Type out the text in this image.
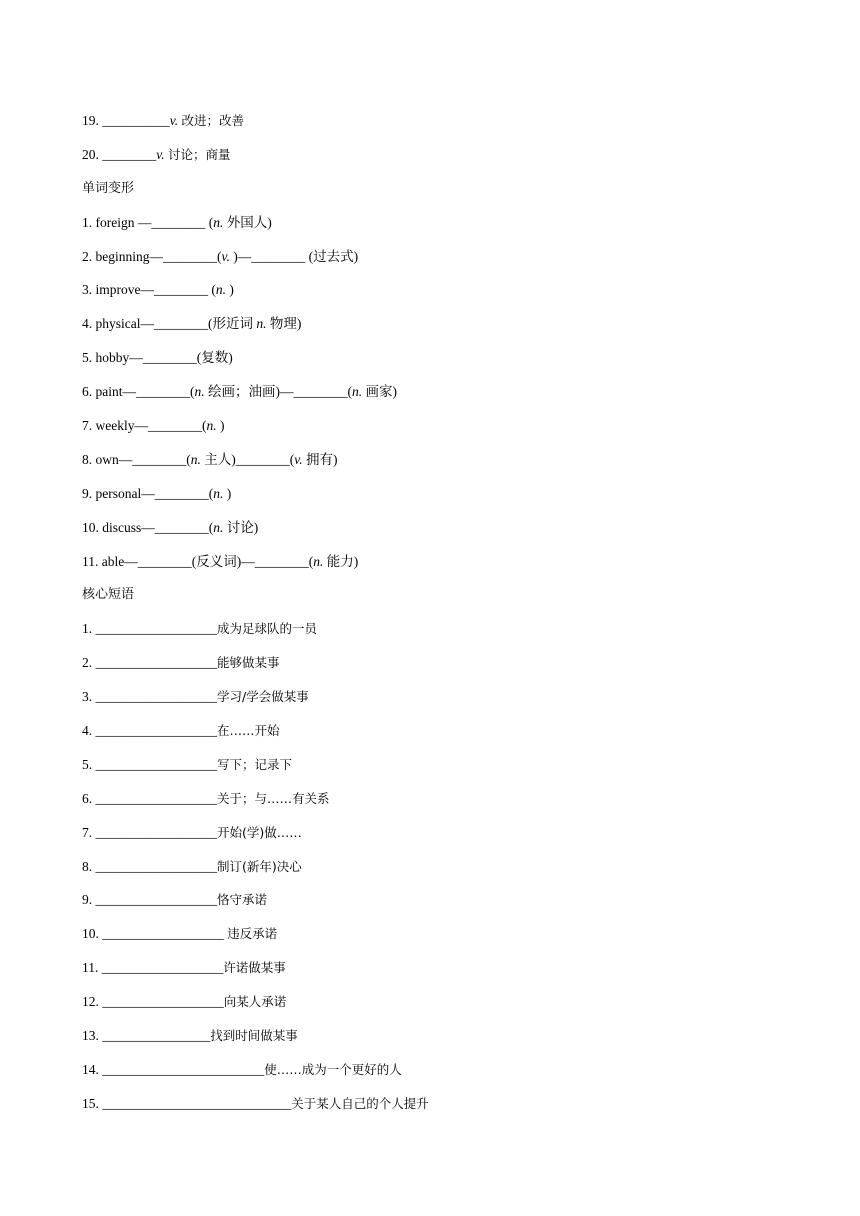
19. __________v. 改进；改善
20. ________v. 讨论；商量
单词变形
1. foreign —________ (n. 外国人)
2. beginning—________(v. )—________ (过去式)
3. improve—________ (n. )
4. physical—________(形近词 n. 物理)
5. hobby—________(复数)
6. paint—________(n. 绘画；油画)—________(n. 画家)
7. weekly—________(n. )
8. own—________(n. 主人)________(v. 拥有)
9. personal—________(n. )
10. discuss—________(n. 讨论)
11. able—________(反义词)—________(n. 能力)
核心短语
1. __________________成为足球队的一员
2. __________________能够做某事
3. __________________学习/学会做某事
4. __________________在……开始
5. __________________写下；记录下
6. __________________关于；与……有关系
7. __________________开始(学)做……
8. __________________制订(新年)决心
9. __________________恪守承诺
10. __________________ 违反承诺
11. __________________许诺做某事
12. __________________向某人承诺
13. ________________找到时间做某事
14. ________________________使……成为一个更好的人
15. ____________________________关于某人自己的个人提升
